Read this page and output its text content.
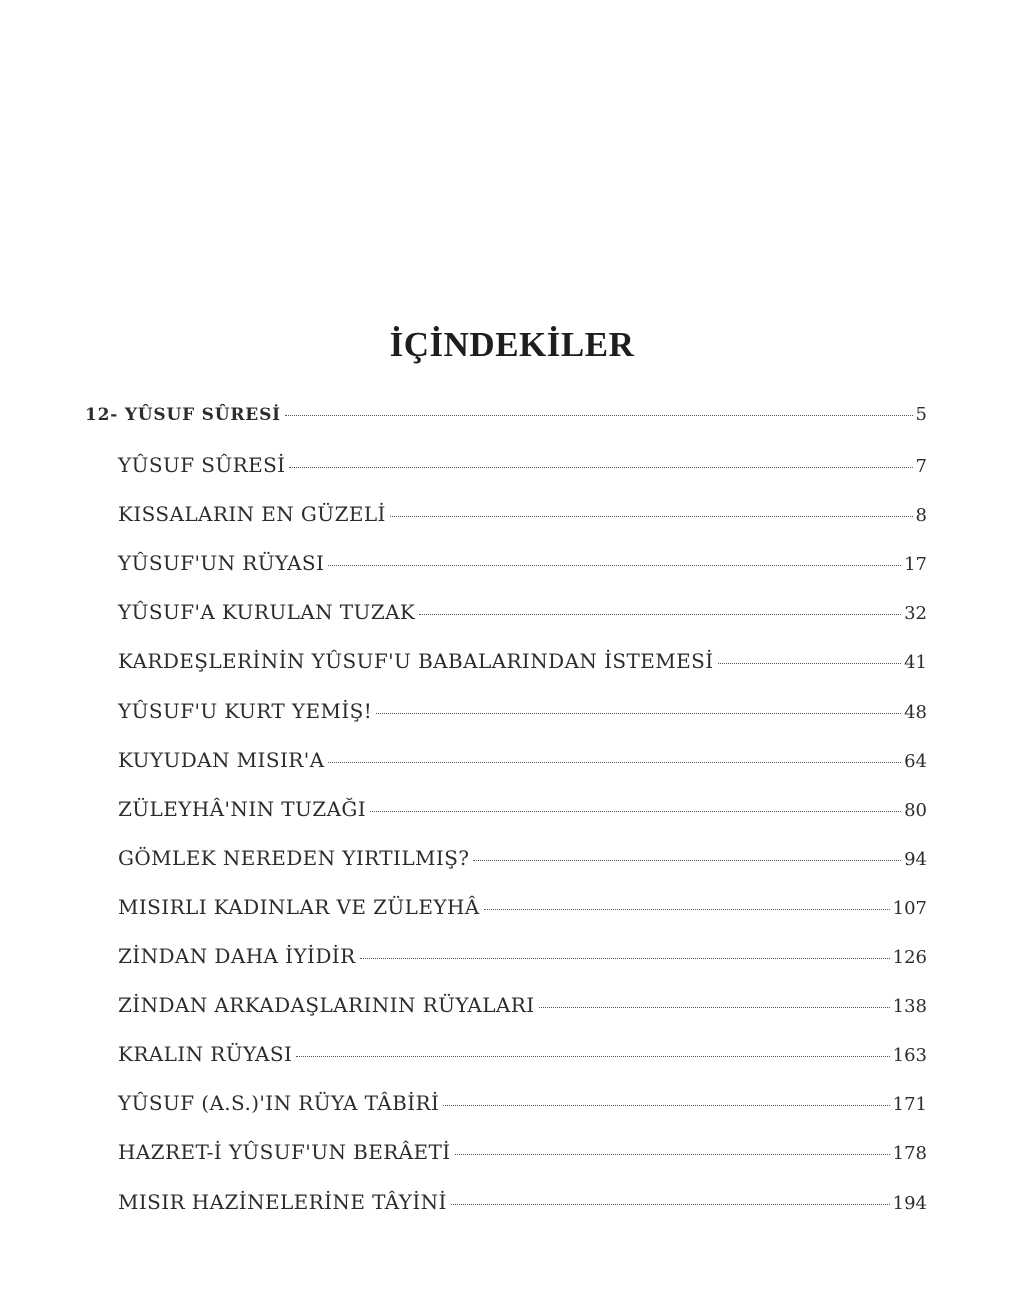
İÇİNDEKİLER
12- YÛSUF SÛRESİ	5
YÛSUF SÛRESİ	7
KISSALARIN EN GÜZELİ	8
YÛSUF'UN RÜYASI	17
YÛSUF'A KURULAN TUZAK	32
KARDEŞLERİNİN YÛSUF'U BABALARINDAN İSTEMESİ	41
YÛSUF'U KURT YEMİŞ!	48
KUYUDAN MISIR'A	64
ZÜLEYHÂ'NIN TUZAĞI	80
GÖMLEK NEREDEN YIRTILMIŞ?	94
MISIRLI KADINLAR VE ZÜLEYHÂ	107
ZİNDAN DAHA İYİDİR	126
ZİNDAN ARKADAŞLARININ RÜYALARI	138
KRALIN RÜYASI	163
YÛSUF (A.S.)'IN RÜYA TÂBİRİ	171
HAZRET-İ YÛSUF'UN BERÂETİ	178
MISIR HAZİNELERİNE TÂYİNİ	194
